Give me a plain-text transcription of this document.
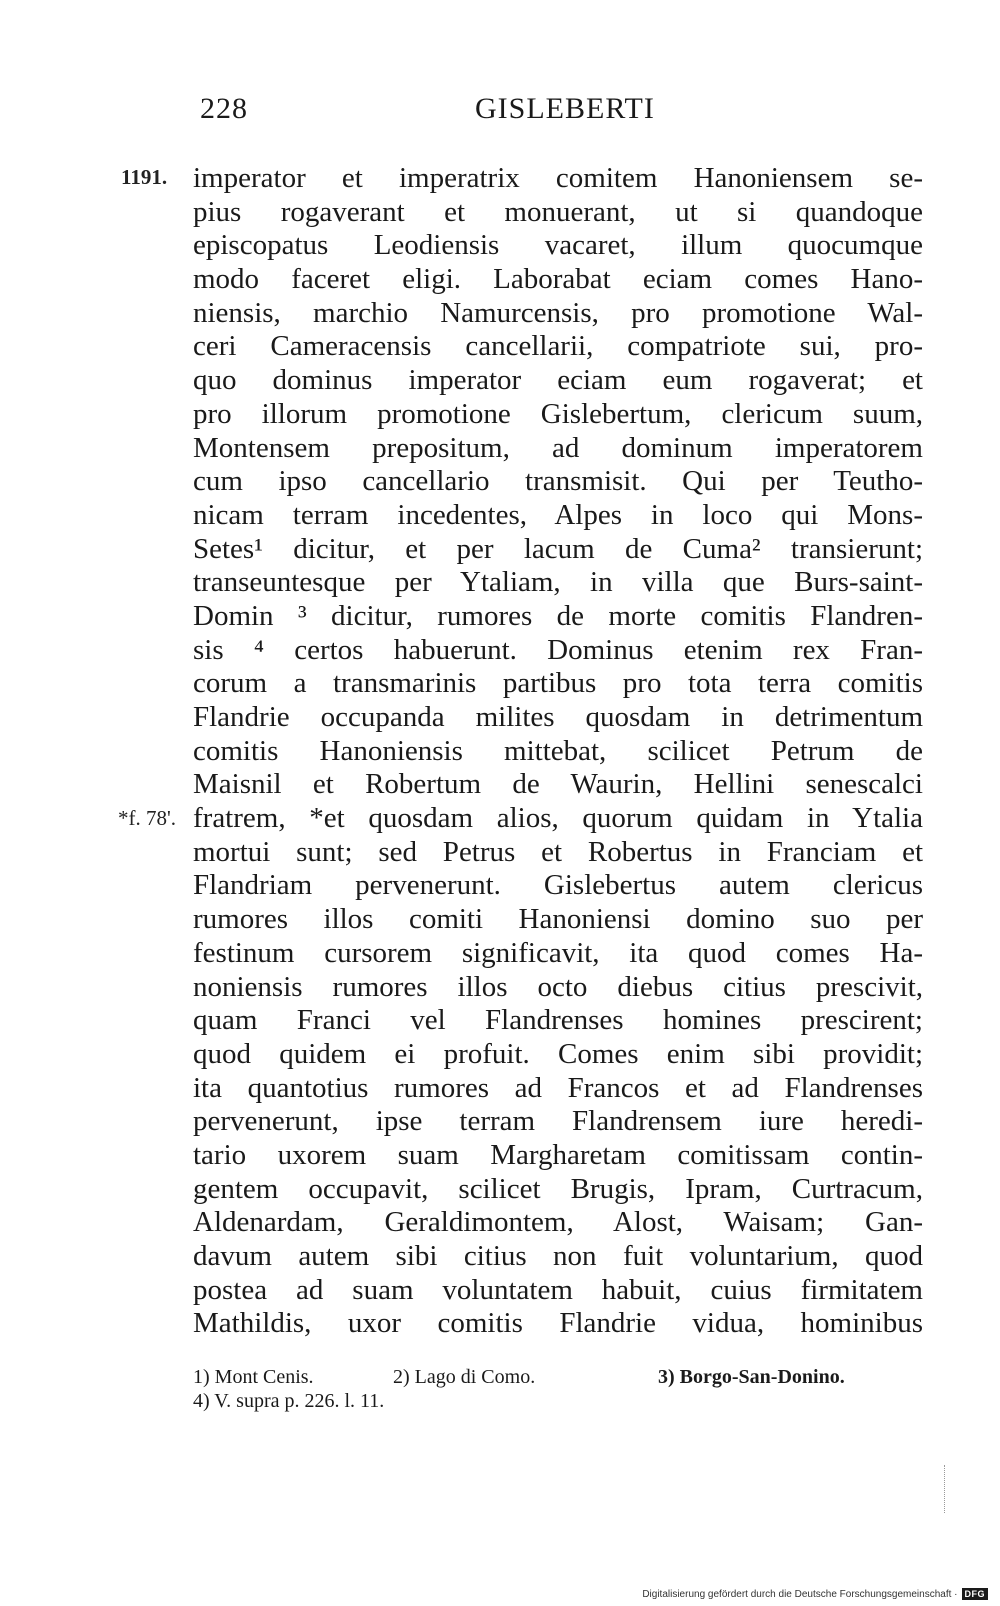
228	GISLEBERTI
1191.
*f. 78'.
imperator et imperatrix comitem Hanoniensem se-
pius rogaverant et monuerant, ut si quandoque
episcopatus Leodiensis vacaret, illum quocumque
modo faceret eligi. Laborabat eciam comes Hano-
niensis, marchio Namurcensis, pro promotione Wal-
ceri Cameracensis cancellarii, compatriote sui, pro-
quo dominus imperator eciam eum rogaverat; et
pro illorum promotione Gislebertum, clericum suum,
Montensem prepositum, ad dominum imperatorem
cum ipso cancellario transmisit. Qui per Teutho-
nicam terram incedentes, Alpes in loco qui Mons-
Setes¹ dicitur, et per lacum de Cuma² transierunt;
transeuntesque per Ytaliam, in villa que Burs-saint-
Domin ³ dicitur, rumores de morte comitis Flandren-
sis ⁴ certos habuerunt. Dominus etenim rex Fran-
corum a transmarinis partibus pro tota terra comitis
Flandrie occupanda milites quosdam in detrimentum
comitis Hanoniensis mittebat, scilicet Petrum de
Maisnil et Robertum de Waurin, Hellini senescalci
fratrem, *et quosdam alios, quorum quidam in Ytalia
mortui sunt; sed Petrus et Robertus in Franciam et
Flandriam pervenerunt. Gislebertus autem clericus
rumores illos comiti Hanoniensi domino suo per
festinum cursorem significavit, ita quod comes Ha-
noniensis rumores illos octo diebus citius prescivit,
quam Franci vel Flandrenses homines prescirent;
quod quidem ei profuit. Comes enim sibi providit;
ita quantotius rumores ad Francos et ad Flandrenses
pervenerunt, ipse terram Flandrensem iure heredi-
tario uxorem suam Margharetam comitissam contin-
gentem occupavit, scilicet Brugis, Ipram, Curtracum,
Aldenardam, Geraldimontem, Alost, Waisam; Gan-
davum autem sibi citius non fuit voluntarium, quod
postea ad suam voluntatem habuit, cuius firmitatem
Mathildis, uxor comitis Flandrie vidua, hominibus
1) Mont Cenis.	2) Lago di Como.	3) Borgo-San-Donino.
4) V. supra p. 226. l. 11.
Digitalisierung gefördert durch die Deutsche Forschungsgemeinschaft · DFG
